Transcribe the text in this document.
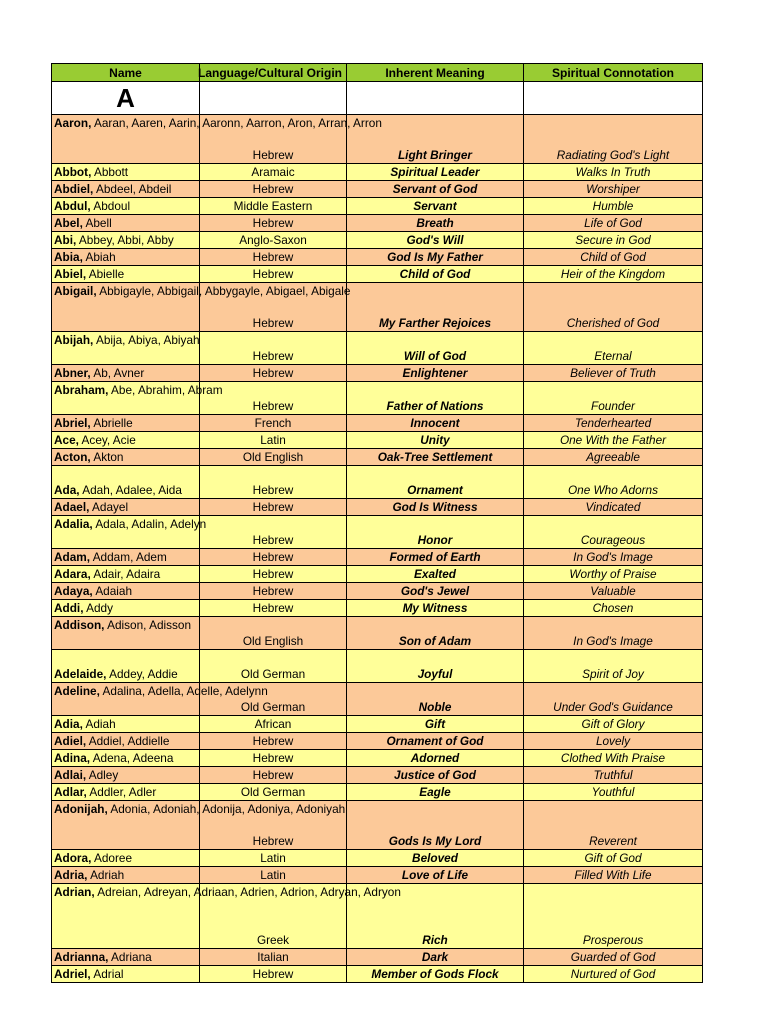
Name	Language/Cultural Origin	Inherent Meaning	Spiritual Connotation
A			
Aaron, Aaran, Aaren, Aarin, Aaronn, Aarron, Aron, Arran, Arron	Hebrew	Light Bringer	Radiating God's Light
Abbot, Abbott	Aramaic	Spiritual Leader	Walks In Truth
Abdiel, Abdeel, Abdeil	Hebrew	Servant of God	Worshiper
Abdul, Abdoul	Middle Eastern	Servant	Humble
Abel, Abell	Hebrew	Breath	Life of God
Abi, Abbey, Abbi, Abby	Anglo-Saxon	God's Will	Secure in God
Abia, Abiah	Hebrew	God Is My Father	Child of God
Abiel, Abielle	Hebrew	Child of God	Heir of the Kingdom
Abigail, Abbigayle, Abbigail, Abbygayle, Abigael, Abigale	Hebrew	My Farther Rejoices	Cherished of God
Abijah, Abija, Abiya, Abiyah	Hebrew	Will of God	Eternal
Abner, Ab, Avner	Hebrew	Enlightener	Believer of Truth
Abraham, Abe, Abrahim, Abram	Hebrew	Father of Nations	Founder
Abriel, Abrielle	French	Innocent	Tenderhearted
Ace, Acey, Acie	Latin	Unity	One With the Father
Acton, Akton	Old English	Oak-Tree Settlement	Agreeable
Ada, Adah, Adalee, Aida	Hebrew	Ornament	One Who Adorns
Adael, Adayel	Hebrew	God Is Witness	Vindicated
Adalia, Adala, Adalin, Adelyn	Hebrew	Honor	Courageous
Adam, Addam, Adem	Hebrew	Formed of Earth	In God's Image
Adara, Adair, Adaira	Hebrew	Exalted	Worthy of Praise
Adaya, Adaiah	Hebrew	God's Jewel	Valuable
Addi, Addy	Hebrew	My Witness	Chosen
Addison, Adison, Adisson	Old English	Son of Adam	In God's Image
Adelaide, Addey, Addie	Old German	Joyful	Spirit of Joy
Adeline, Adalina, Adella, Adelle, Adelynn	Old German	Noble	Under God's Guidance
Adia, Adiah	African	Gift	Gift of Glory
Adiel, Addiel, Addielle	Hebrew	Ornament of God	Lovely
Adina, Adena, Adeena	Hebrew	Adorned	Clothed With Praise
Adlai, Adley	Hebrew	Justice of God	Truthful
Adlar, Addler, Adler	Old German	Eagle	Youthful
Adonijah, Adonia, Adoniah, Adonija, Adoniya, Adoniyah	Hebrew	Gods Is My Lord	Reverent
Adora, Adoree	Latin	Beloved	Gift of God
Adria, Adriah	Latin	Love of Life	Filled With Life
Adrian, Adreian, Adreyan, Adriaan, Adrien, Adrion, Adryan, Adryon	Greek	Rich	Prosperous
Adrianna, Adriana	Italian	Dark	Guarded of God
Adriel, Adrial	Hebrew	Member of Gods Flock	Nurtured of God
